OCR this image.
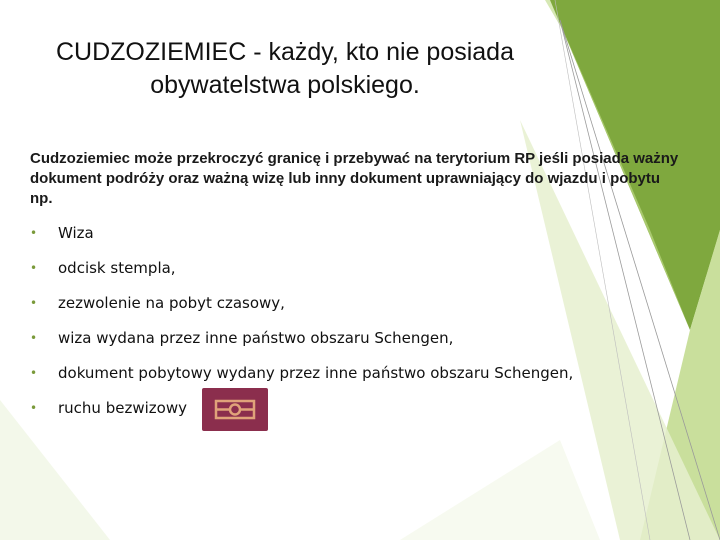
CUDZOZIEMIEC - każdy, kto nie posiada obywatelstwa polskiego.
Cudzoziemiec może przekroczyć granicę i przebywać na terytorium RP jeśli posiada ważny dokument podróży oraz ważną wizę lub inny dokument uprawniający do wjazdu i pobytu np.
•	Wiza
•	odcisk stempla,
•	zezwolenie na pobyt czasowy,
•	wiza wydana przez inne państwo obszaru Schengen,
•	dokument pobytowy wydany przez inne państwo obszaru Schengen,
•	ruchu bezwizowy
